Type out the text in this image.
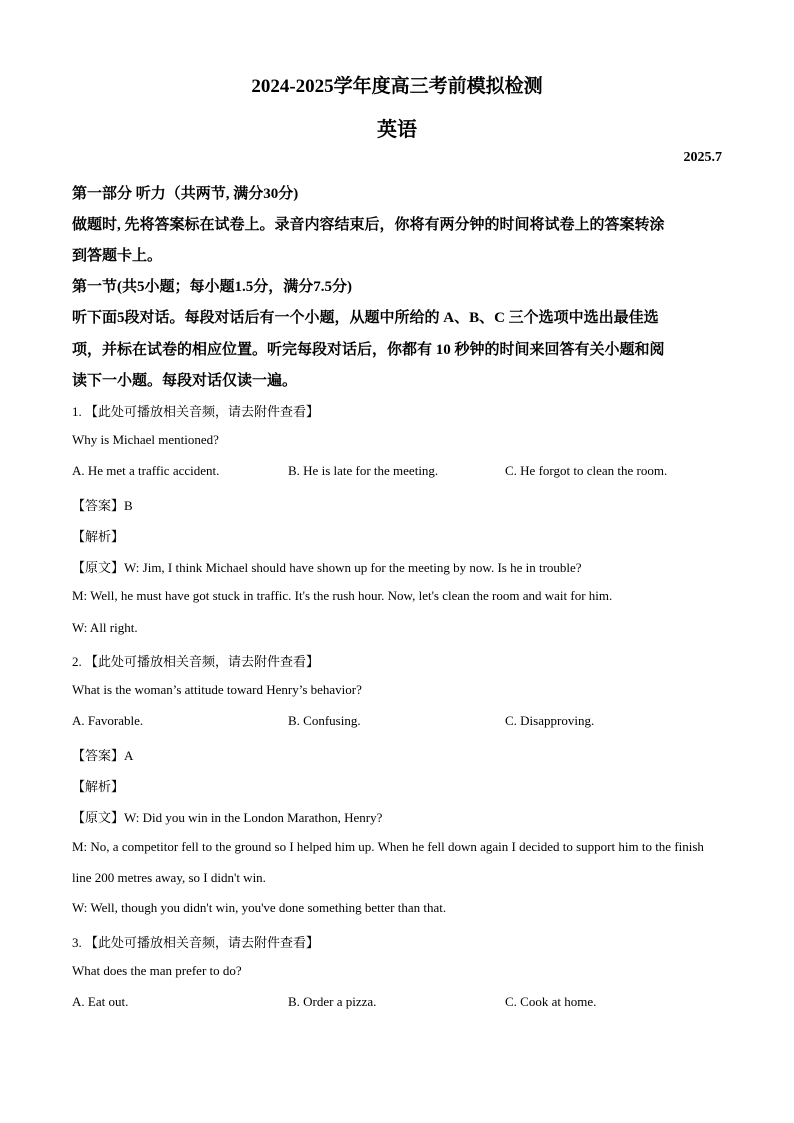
2024-2025学年度高三考前模拟检测
英语
2025.7
第一部分 听力（共两节, 满分30分)
做题时, 先将答案标在试卷上。录音内容结束后，你将有两分钟的时间将试卷上的答案转涂
到答题卡上。
第一节(共5小题；每小题1.5分，满分7.5分)
听下面5段对话。每段对话后有一个小题，从题中所给的 A、B、C 三个选项中选出最佳选
项，并标在试卷的相应位置。听完每段对话后，你都有 10 秒钟的时间来回答有关小题和阅
读下一小题。每段对话仅读一遍。
1. 【此处可播放相关音频，请去附件查看】
Why is Michael mentioned?
A. He met a traffic accident.	B. He is late for the meeting.	C. He forgot to clean the room.
【答案】B
【解析】
【原文】W: Jim, I think Michael should have shown up for the meeting by now. Is he in trouble?
M: Well, he must have got stuck in traffic. It's the rush hour. Now, let's clean the room and wait for him.
W: All right.
2. 【此处可播放相关音频，请去附件查看】
What is the woman’s attitude toward Henry’s behavior?
A. Favorable.	B. Confusing.	C. Disapproving.
【答案】A
【解析】
【原文】W: Did you win in the London Marathon, Henry?
M: No, a competitor fell to the ground so I helped him up. When he fell down again I decided to support him to the finish line 200 metres away, so I didn't win.
W: Well, though you didn't win, you've done something better than that.
3. 【此处可播放相关音频，请去附件查看】
What does the man prefer to do?
A. Eat out.	B. Order a pizza.	C. Cook at home.
